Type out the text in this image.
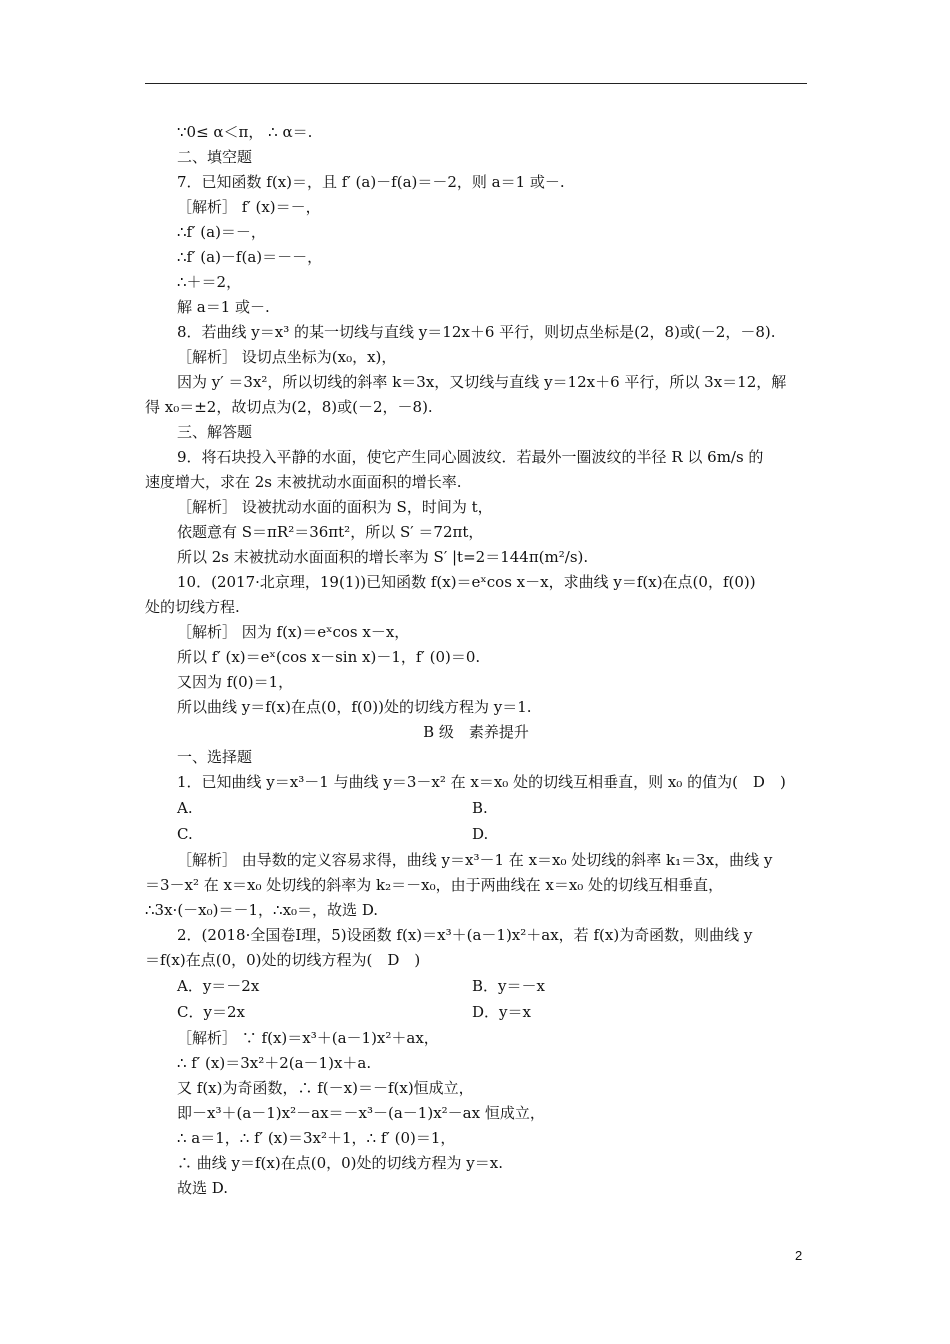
∵0≤ α＜π， ∴ α＝.
二、填空题
7．已知函数 f(x)＝，且 f′ (a)－f(a)＝－2，则 a＝1 或－.
［解析］ f′ (x)＝－，
∴f′ (a)＝－，
∴f′ (a)－f(a)＝－－，
∴＋＝2，
解 a＝1 或－.
8．若曲线 y＝x³ 的某一切线与直线 y＝12x＋6 平行，则切点坐标是(2，8)或(－2，－8).
［解析］ 设切点坐标为(x₀，x)，
因为 y′ ＝3x²，所以切线的斜率 k＝3x，又切线与直线 y＝12x＋6 平行，所以 3x＝12，解
得 x₀＝±2，故切点为(2，8)或(－2，－8).
三、解答题
9．将石块投入平静的水面，使它产生同心圆波纹．若最外一圈波纹的半径 R 以 6m/s 的
速度增大，求在 2s 末被扰动水面面积的增长率.
［解析］ 设被扰动水面的面积为 S，时间为 t，
依题意有 S＝πR²＝36πt²，所以 S′ ＝72πt，
所以 2s 末被扰动水面面积的增长率为 S′ |t=2＝144π(m²/s).
10．(2017·北京理，19(1))已知函数 f(x)＝eˣcos x－x，求曲线 y＝f(x)在点(0，f(0))
处的切线方程.
［解析］ 因为 f(x)＝eˣcos x－x，
所以 f′ (x)＝eˣ(cos x－sin x)－1，f′ (0)＝0.
又因为 f(0)＝1，
所以曲线 y＝f(x)在点(0，f(0))处的切线方程为 y＝1.
B 级　素养提升
一、选择题
1．已知曲线 y＝x³－1 与曲线 y＝3－x² 在 x＝x₀ 处的切线互相垂直，则 x₀ 的值为(　D　)
A.	B.
C.	D.
［解析］ 由导数的定义容易求得，曲线 y＝x³－1 在 x＝x₀ 处切线的斜率 k₁＝3x，曲线 y
＝3－x² 在 x＝x₀ 处切线的斜率为 k₂＝－x₀，由于两曲线在 x＝x₀ 处的切线互相垂直，
∴3x·(－x₀)＝－1，∴x₀＝，故选 D.
2．(2018·全国卷Ⅰ理，5)设函数 f(x)＝x³＋(a－1)x²＋ax，若 f(x)为奇函数，则曲线 y
＝f(x)在点(0，0)处的切线方程为(　D　)
A．y＝－2x	B．y＝－x
C．y＝2x	D．y＝x
［解析］ ∵ f(x)＝x³＋(a－1)x²＋ax，
∴ f′ (x)＝3x²＋2(a－1)x＋a.
又 f(x)为奇函数，∴ f(－x)＝－f(x)恒成立，
即－x³＋(a－1)x²－ax＝－x³－(a－1)x²－ax 恒成立，
∴ a＝1，∴ f′ (x)＝3x²＋1，∴ f′ (0)＝1，
∴ 曲线 y＝f(x)在点(0，0)处的切线方程为 y＝x.
故选 D.
2
